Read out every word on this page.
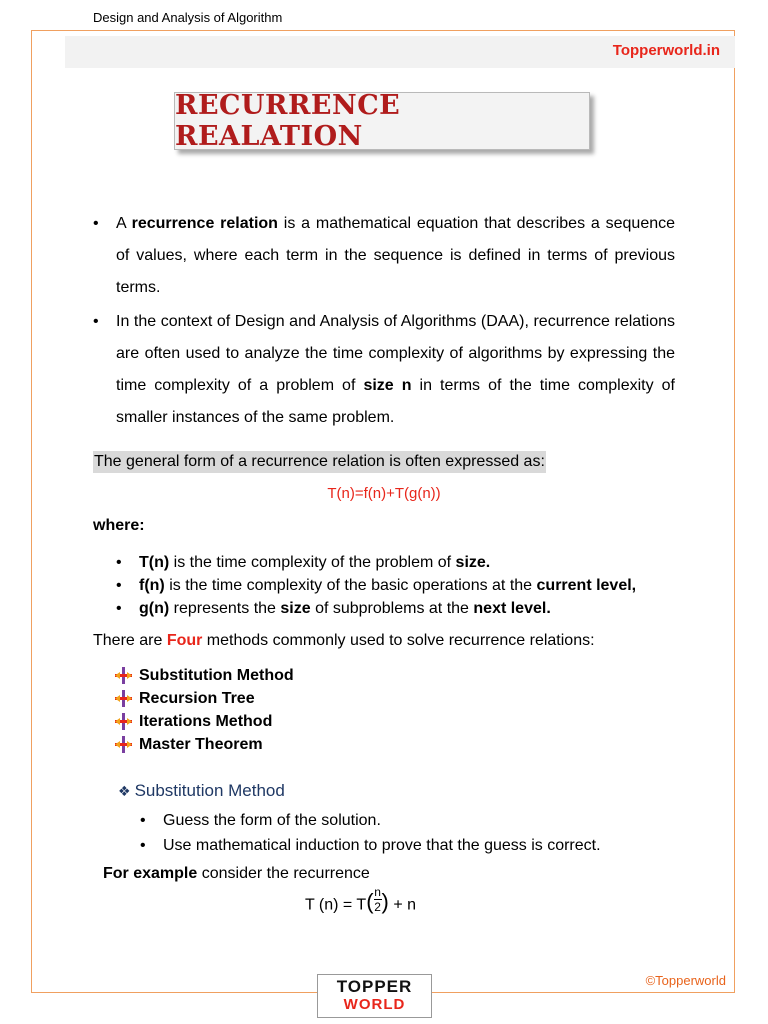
Design and Analysis of Algorithm
Topperworld.in
RECURRENCE REALATION
• A recurrence relation is a mathematical equation that describes a sequence of values, where each term in the sequence is defined in terms of previous terms.
• In the context of Design and Analysis of Algorithms (DAA), recurrence relations are often used to analyze the time complexity of algorithms by expressing the time complexity of a problem of size n in terms of the time complexity of smaller instances of the same problem.
The general form of a recurrence relation is often expressed as:
T(n)=f(n)+T(g(n))
where:
• T(n) is the time complexity of the problem of size.
• f(n) is the time complexity of the basic operations at the current level,
• g(n) represents the size of subproblems at the next level.
There are Four methods commonly used to solve recurrence relations:
Substitution Method
Recursion Tree
Iterations Method
Master Theorem
❖ Substitution Method
• Guess the form of the solution.
• Use mathematical induction to prove that the guess is correct.
For example consider the recurrence
T $(n) = T( \frac{n}{2}$ ) + n
©Topperworld
TOPPER
WORLD
